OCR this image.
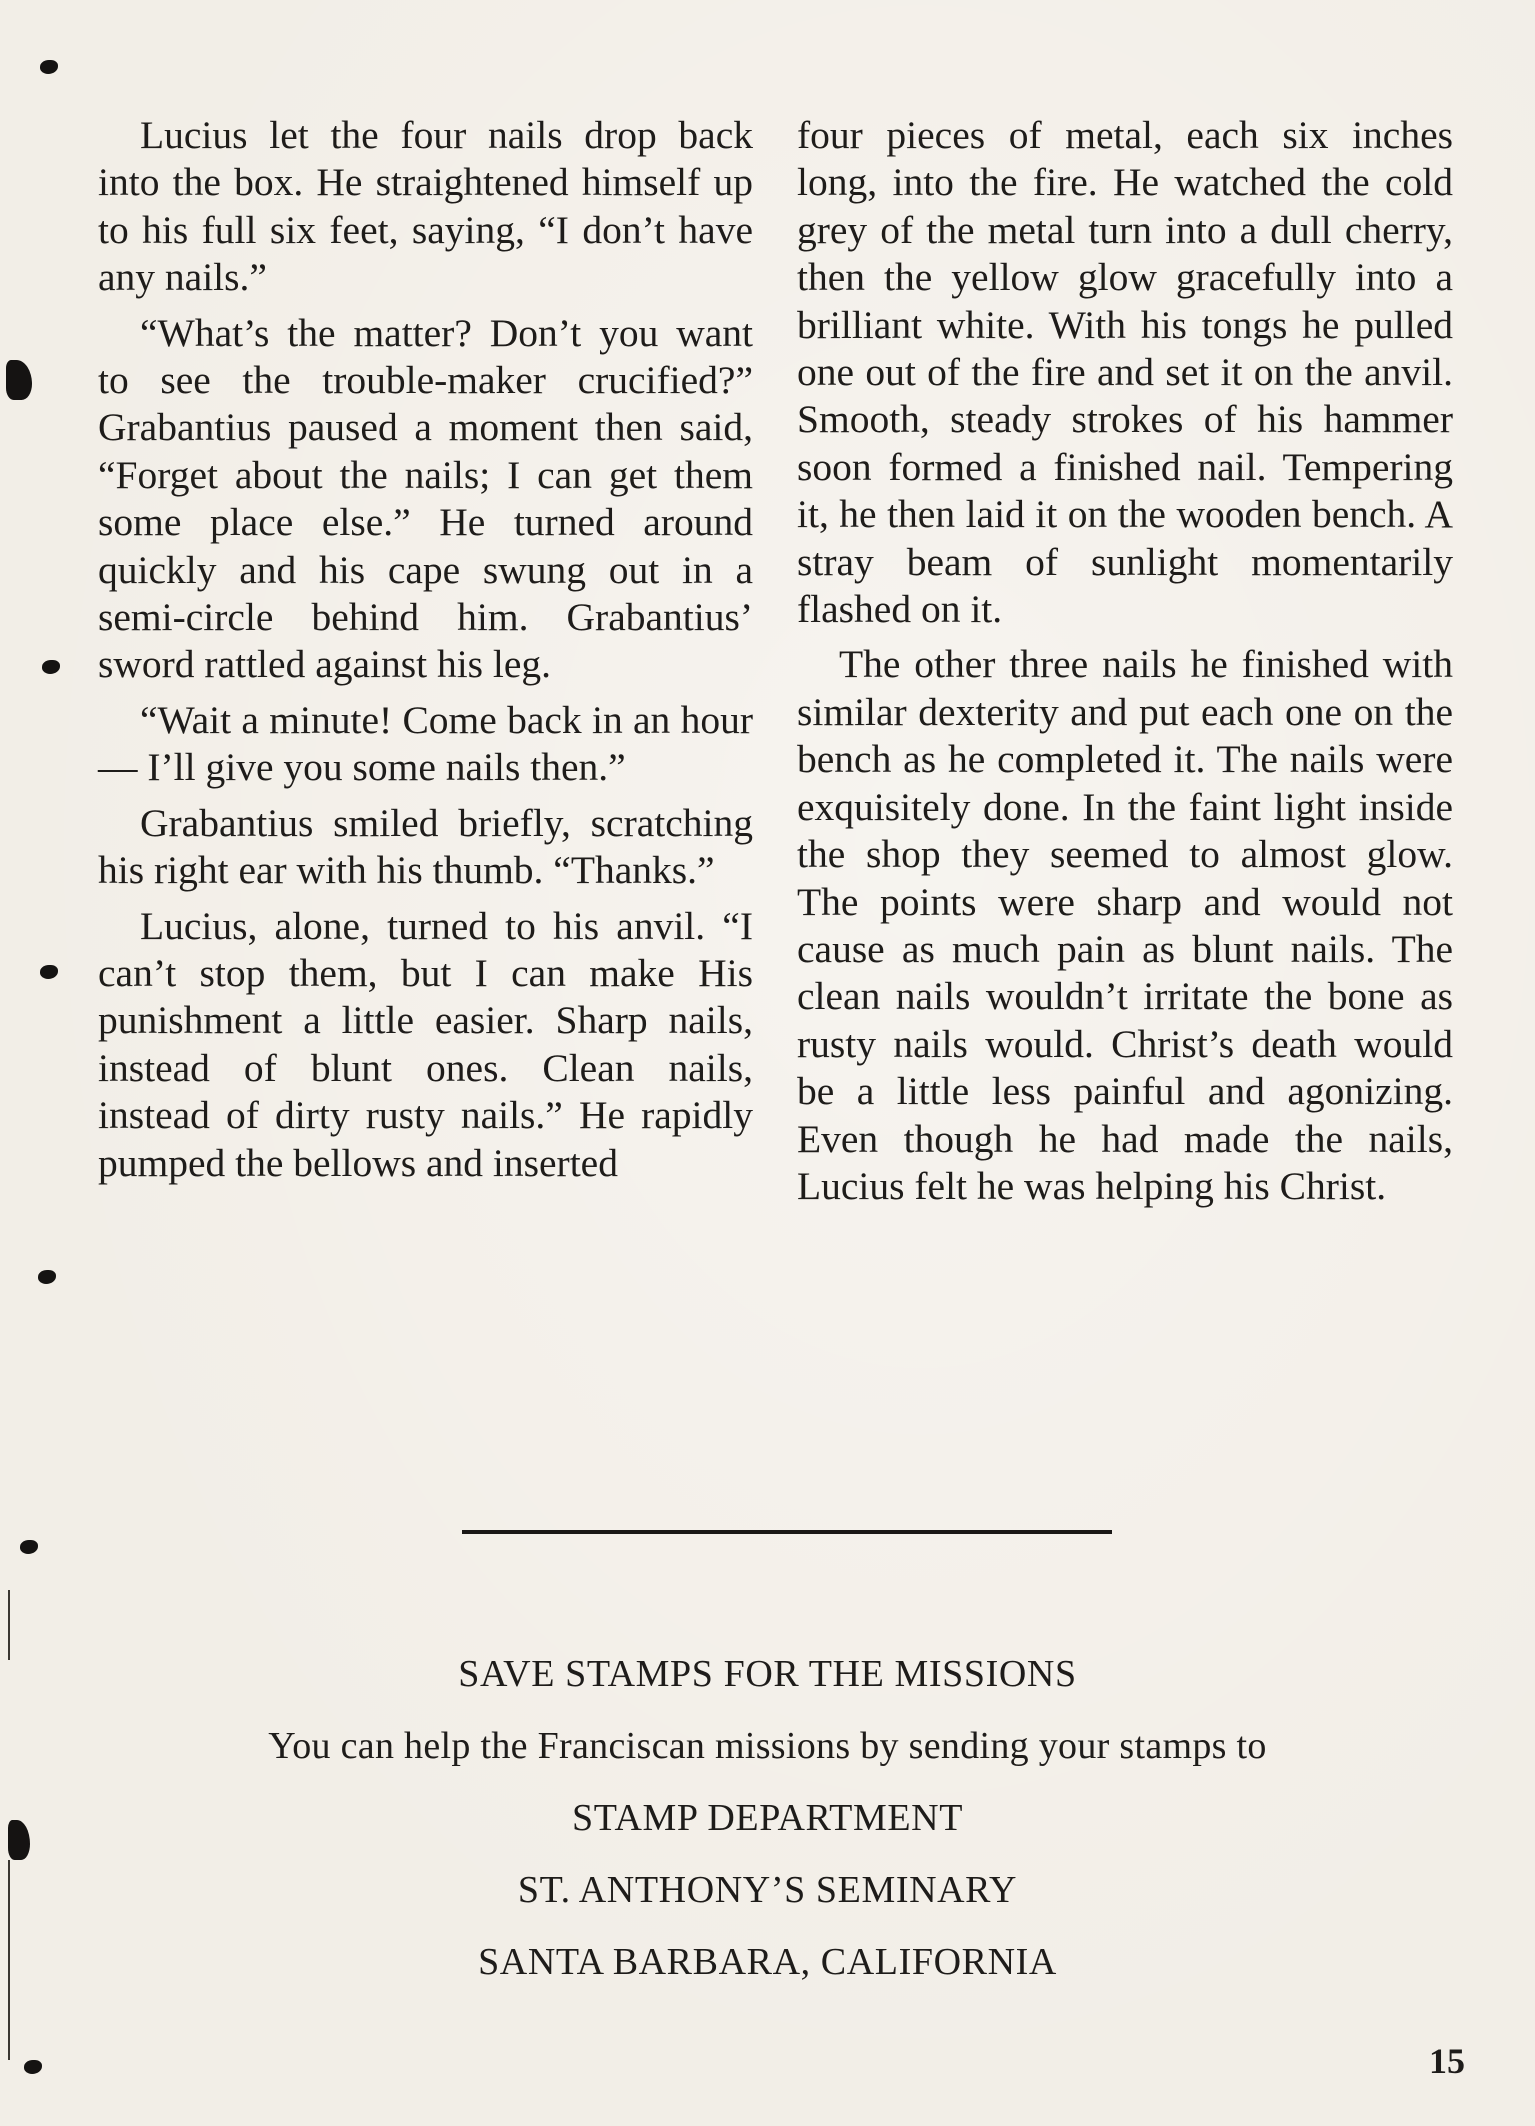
Lucius let the four nails drop back into the box. He straightened himself up to his full six feet, saying, “I don’t have any nails.”

“What’s the matter? Don’t you want to see the trouble-maker crucified?” Grabantius paused a moment then said, “Forget about the nails; I can get them some place else.” He turned around quickly and his cape swung out in a semi-circle behind him. Grabantius’ sword rattled against his leg.

“Wait a minute! Come back in an hour — I’ll give you some nails then.”

Grabantius smiled briefly, scratching his right ear with his thumb. “Thanks.”

Lucius, alone, turned to his anvil. “I can’t stop them, but I can make His punishment a little easier. Sharp nails, instead of blunt ones. Clean nails, instead of dirty rusty nails.” He rapidly pumped the bellows and inserted

four pieces of metal, each six inches long, into the fire. He watched the cold grey of the metal turn into a dull cherry, then the yellow glow gracefully into a brilliant white. With his tongs he pulled one out of the fire and set it on the anvil. Smooth, steady strokes of his hammer soon formed a finished nail. Tempering it, he then laid it on the wooden bench. A stray beam of sunlight momentarily flashed on it.

The other three nails he finished with similar dexterity and put each one on the bench as he completed it. The nails were exquisitely done. In the faint light inside the shop they seemed to almost glow. The points were sharp and would not cause as much pain as blunt nails. The clean nails wouldn’t irritate the bone as rusty nails would. Christ’s death would be a little less painful and agonizing. Even though he had made the nails, Lucius felt he was helping his Christ.

SAVE STAMPS FOR THE MISSIONS
You can help the Franciscan missions by sending your stamps to
STAMP DEPARTMENT
ST. ANTHONY’S SEMINARY
SANTA BARBARA, CALIFORNIA
15
